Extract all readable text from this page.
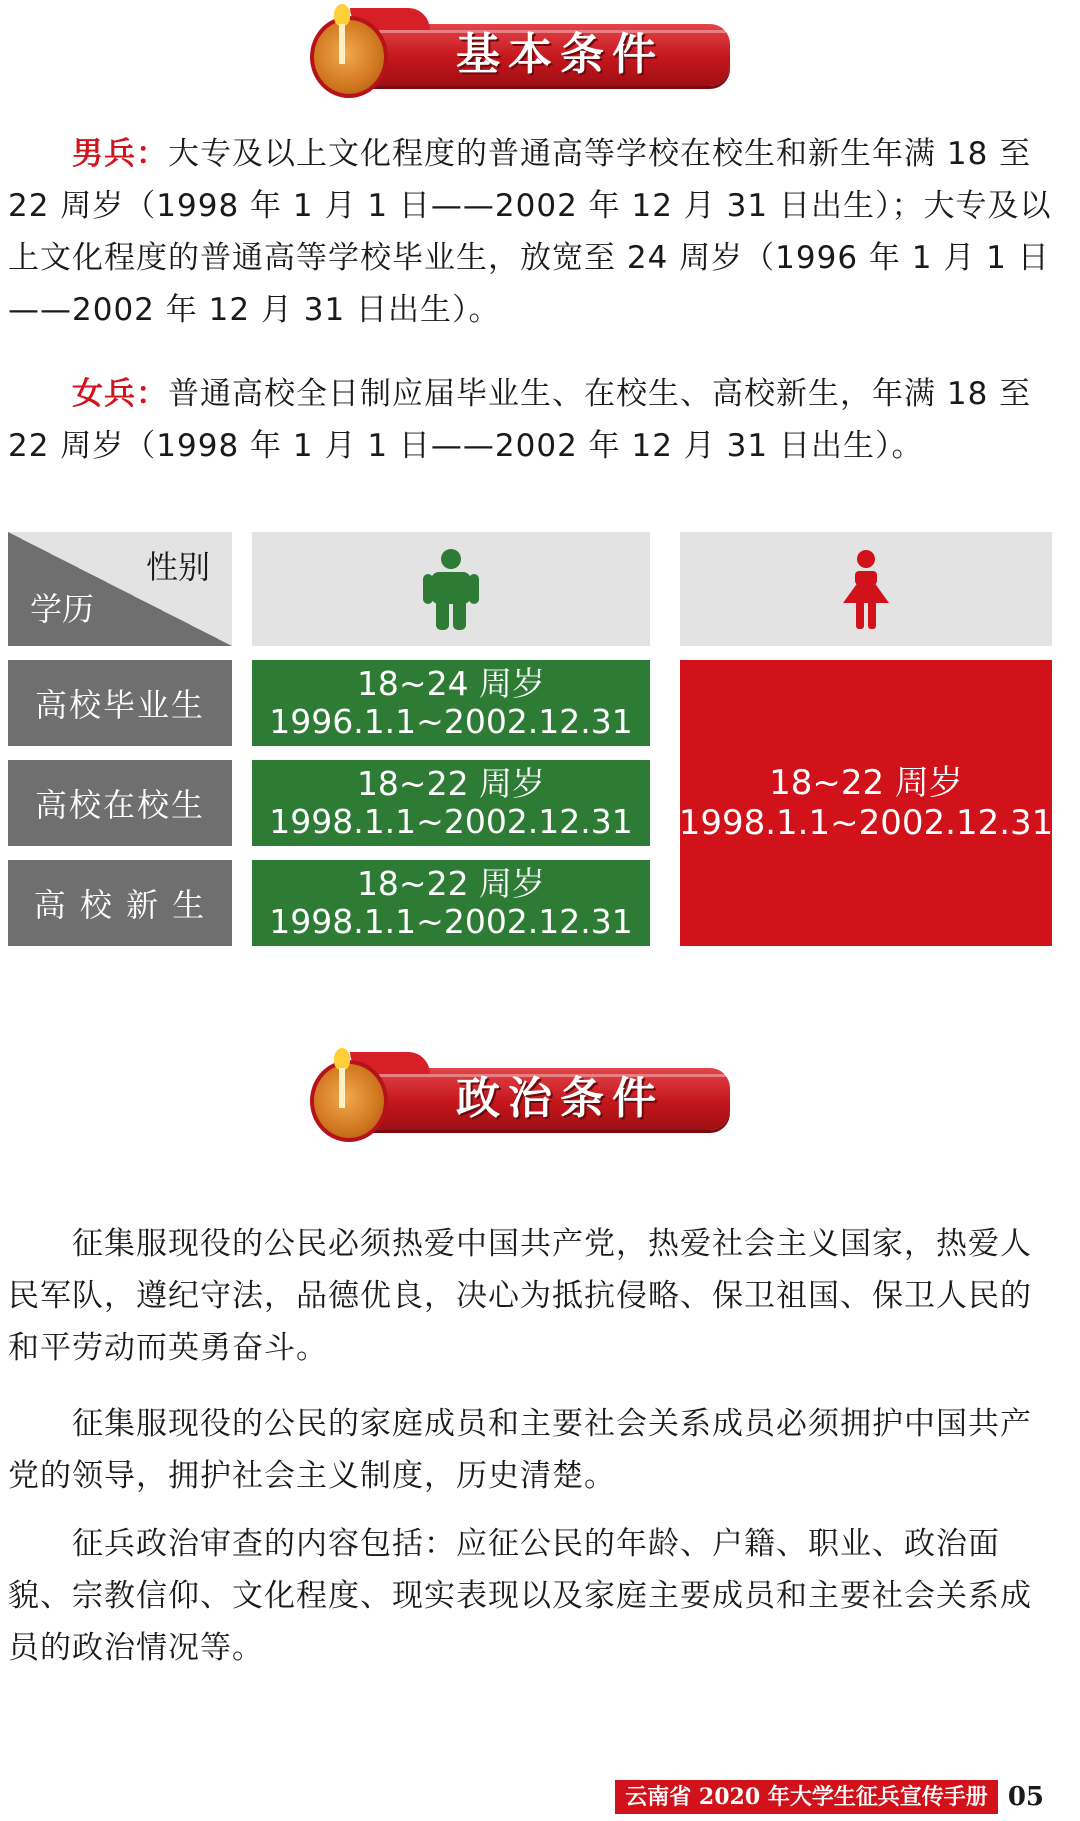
基本条件

男兵：大专及以上文化程度的普通高等学校在校生和新生年满 18 至 22 周岁（1998 年 1 月 1 日——2002 年 12 月 31 日出生）；大专及以上文化程度的普通高等学校毕业生，放宽至 24 周岁（1996 年 1 月 1 日——2002 年 12 月 31 日出生）。

女兵：普通高校全日制应届毕业生、在校生、高校新生，年满 18 至 22 周岁（1998 年 1 月 1 日——2002 年 12 月 31 日出生）。

性别
学历
高校毕业生
18~24 周岁
1996.1.1~2002.12.31
高校在校生
18~22 周岁
1998.1.1~2002.12.31
高 校 新 生
18~22 周岁
1998.1.1~2002.12.31
18~22 周岁
1998.1.1~2002.12.31
政治条件

征集服现役的公民必须热爱中国共产党，热爱社会主义国家，热爱人民军队，遵纪守法，品德优良，决心为抵抗侵略、保卫祖国、保卫人民的和平劳动而英勇奋斗。

征集服现役的公民的家庭成员和主要社会关系成员必须拥护中国共产党的领导，拥护社会主义制度，历史清楚。

征兵政治审查的内容包括：应征公民的年龄、户籍、职业、政治面貌、宗教信仰、文化程度、现实表现以及家庭主要成员和主要社会关系成员的政治情况等。

云南省 2020 年大学生征兵宣传手册 05
